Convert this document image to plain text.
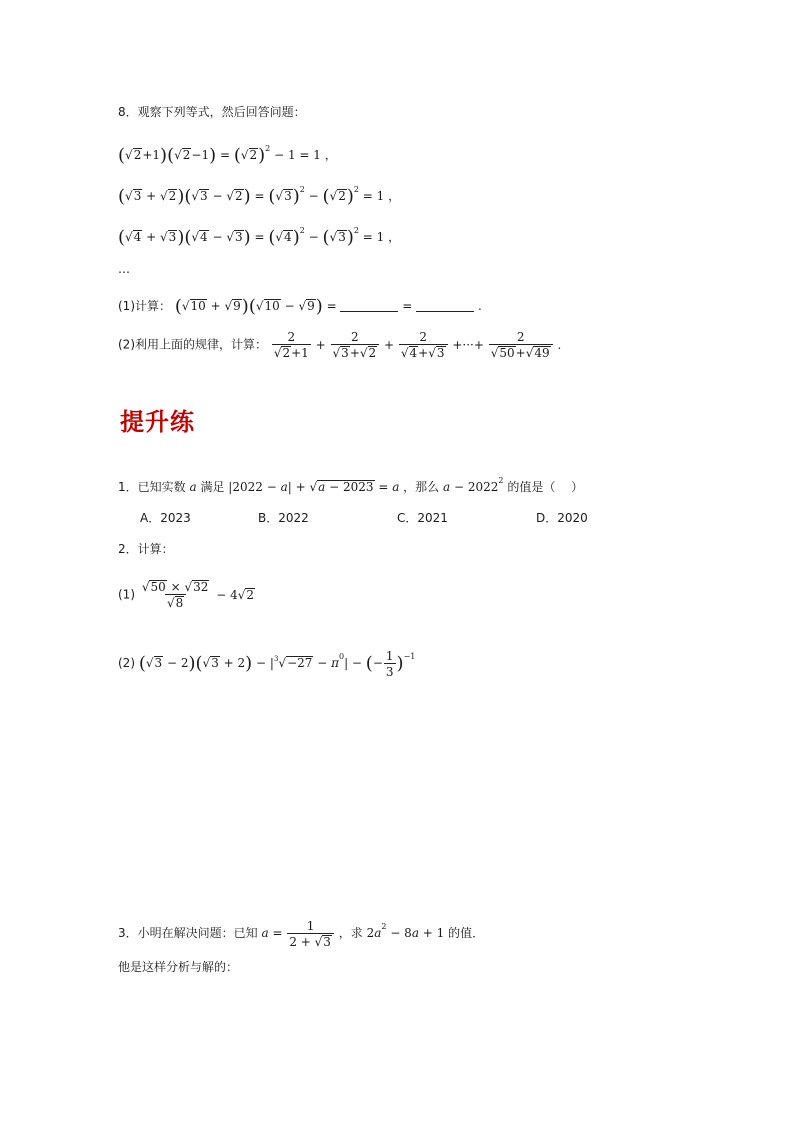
8．观察下列等式，然后回答问题：
(√ 2+1)(√ 2−1) = (√ 2)$^2$ − 1 = 1 ，
(√ 3 + √ 2)(√ 3 − √ 2) = (√ 3)$^2$ − (√ 2)$^2$ = 1 ，
(√ 4 + √ 3)(√ 4 − √ 3) = (√ 4)$^2$ − (√ 3)$^2$ = 1 ，
…
(1)计算： (√ 10 + √ 9)(√ 10 − √ 9) =	=	.
(2)利用上面的规律，计算： 2
√ 2+1 + 2
√ 3+√ 2 + 2
√ 4+√ 3 +···+ 2
√ 50+√ 49 .
提升练
1．已知实数 a 满足 |2022 − a| + √ a − 2023 = a ，那么 $a - 2022^2$ 的值是（　 ）
A．2023	B．2022	C．2021	D．2020
2．计算：
(1)
√ 50 × √ 32
√ 8 − 4√ 2
(2) (√ 3 − 2)(√ $3 + 2) - |^3√ -27 - \pi^0|$ − (− $\frac{1}{3} )^{-1}$
3．小明在解决问题：已知 $a = \frac{1}{2 + √ 3}$ ，求 $2a^2 - 8a + 1$ 的值．
他是这样分析与解的：
